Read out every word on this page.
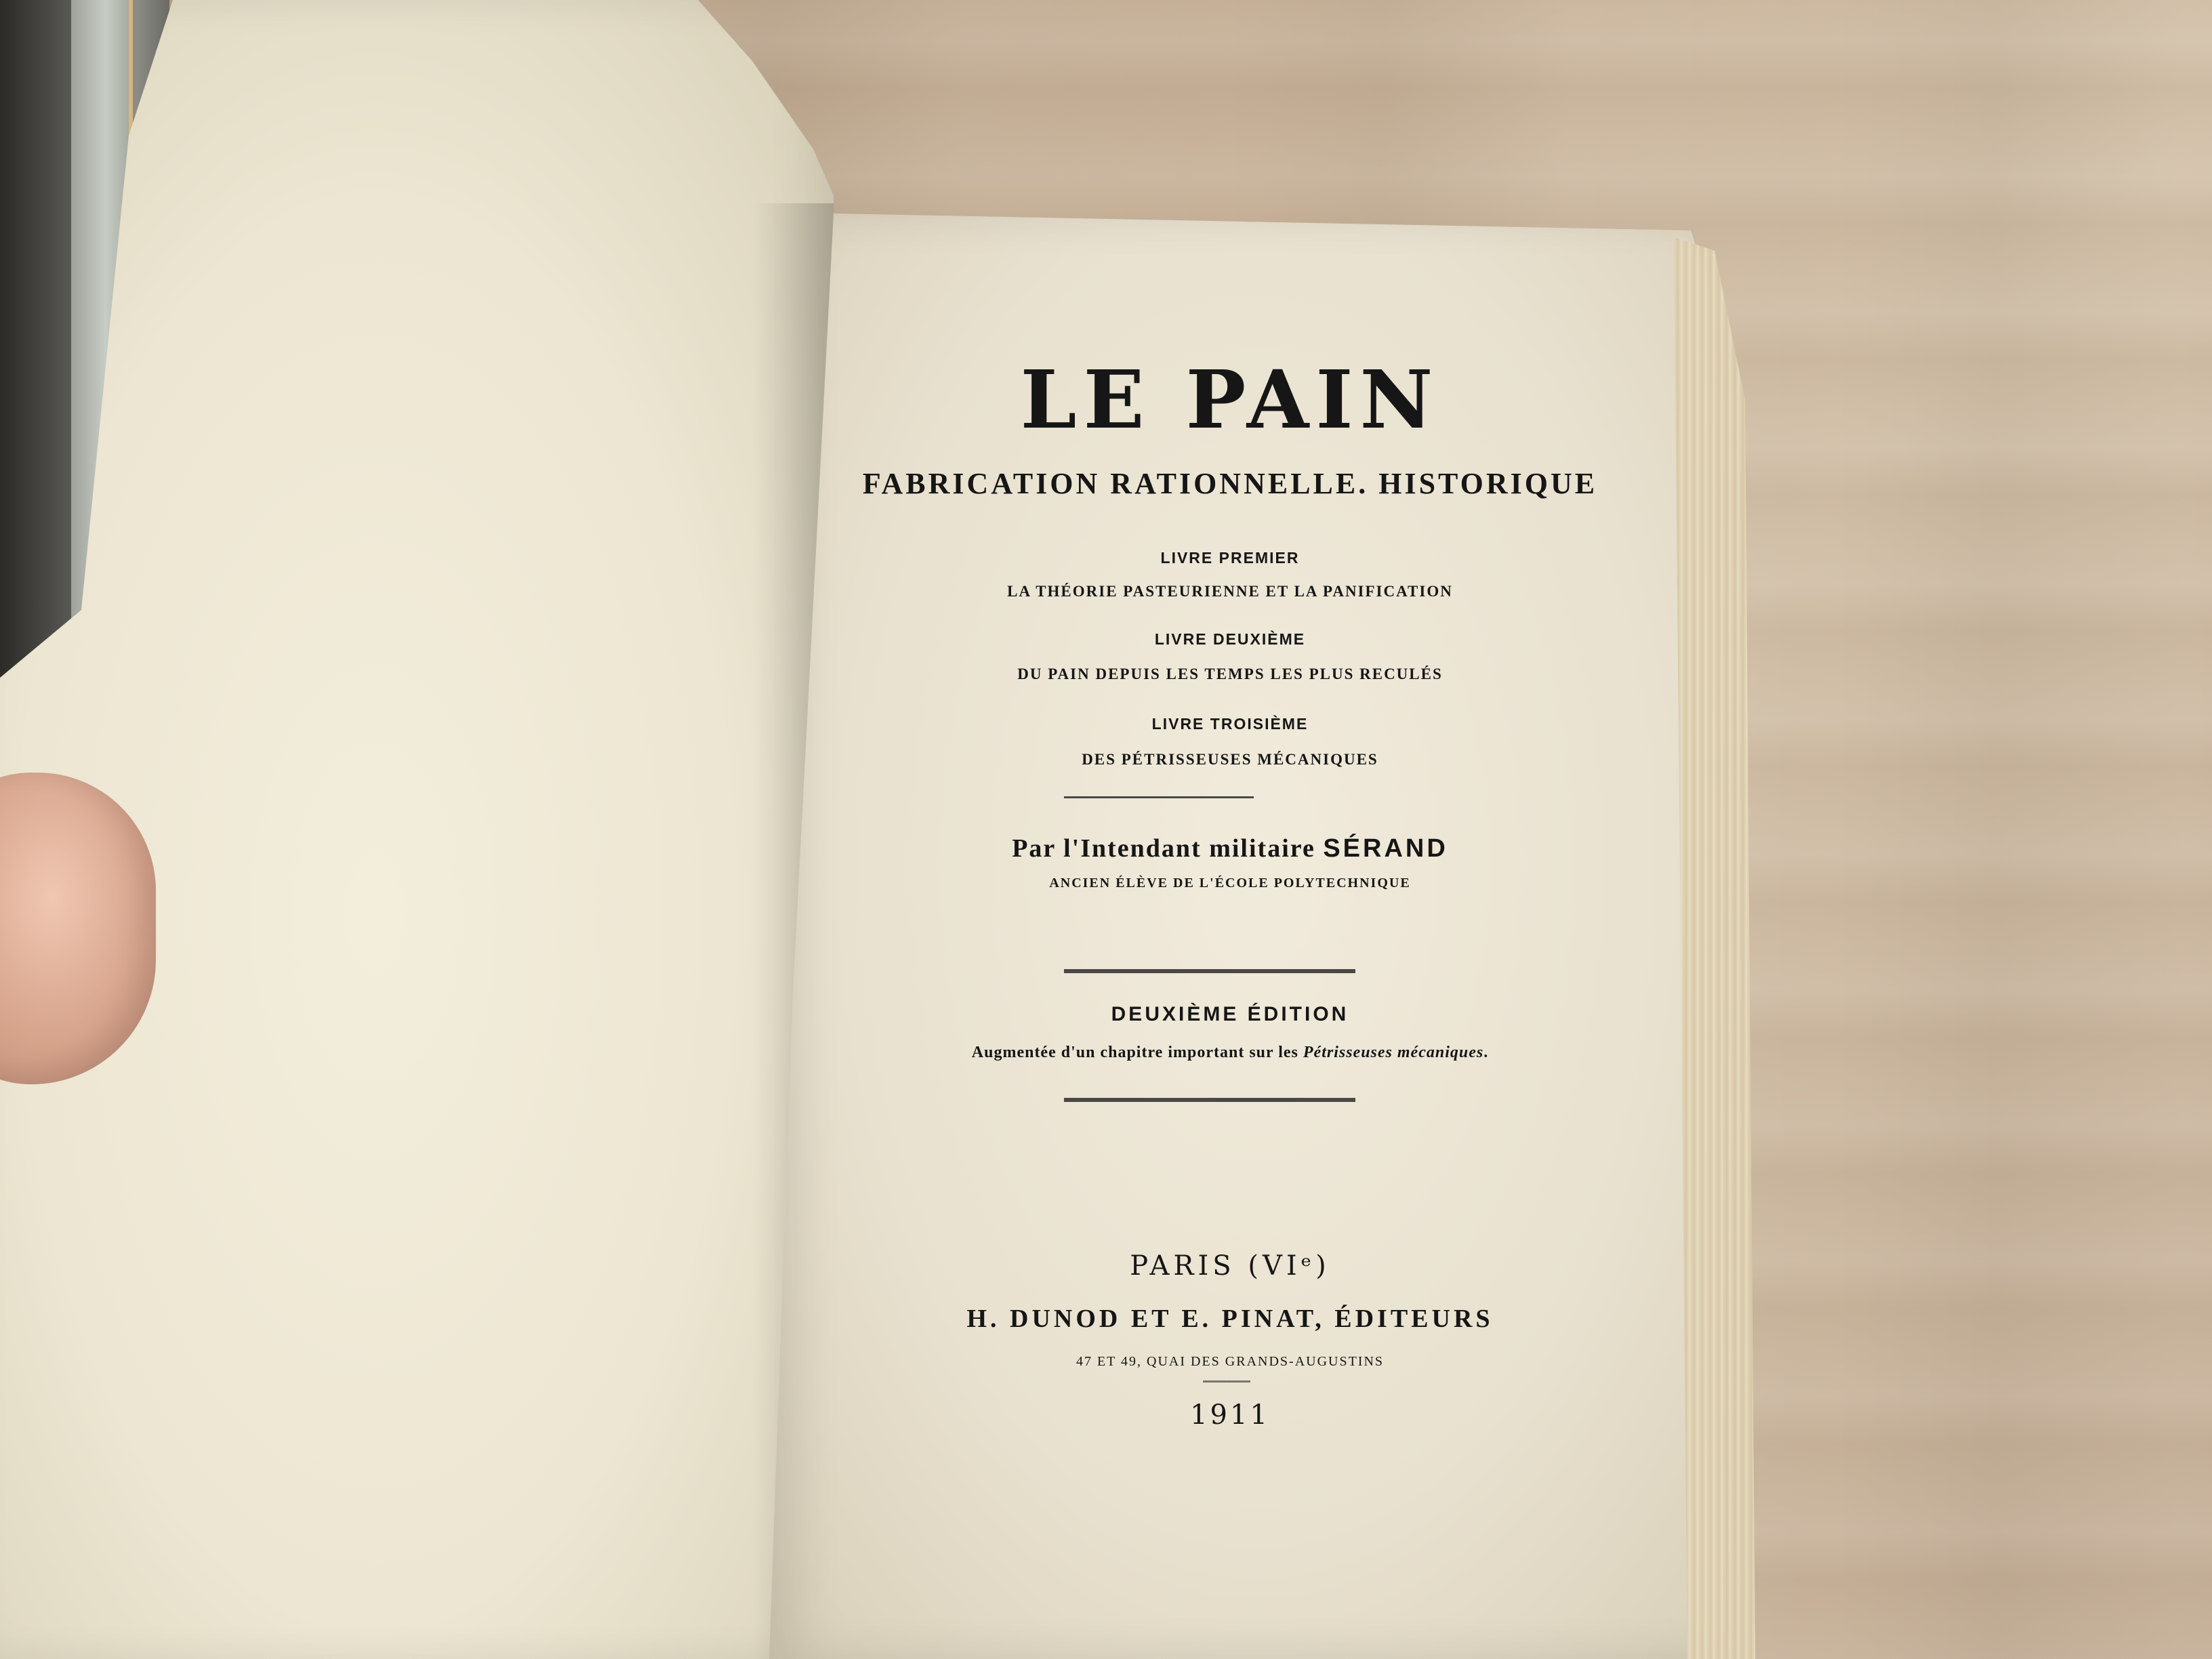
LE PAIN
FABRICATION RATIONNELLE. HISTORIQUE
LIVRE PREMIER
LA THÉORIE PASTEURIENNE ET LA PANIFICATION
LIVRE DEUXIÈME
DU PAIN DEPUIS LES TEMPS LES PLUS RECULÉS
LIVRE TROISIÈME
DES PÉTRISSEUSES MÉCANIQUES
Par l'Intendant militaire SÉRAND
ANCIEN ÉLÈVE DE L'ÉCOLE POLYTECHNIQUE
DEUXIÈME ÉDITION
Augmentée d'un chapitre important sur les Pétrisseuses mécaniques.
PARIS (VIᵉ)
H. DUNOD ET E. PINAT, ÉDITEURS
47 ET 49, QUAI DES GRANDS-AUGUSTINS
1911
